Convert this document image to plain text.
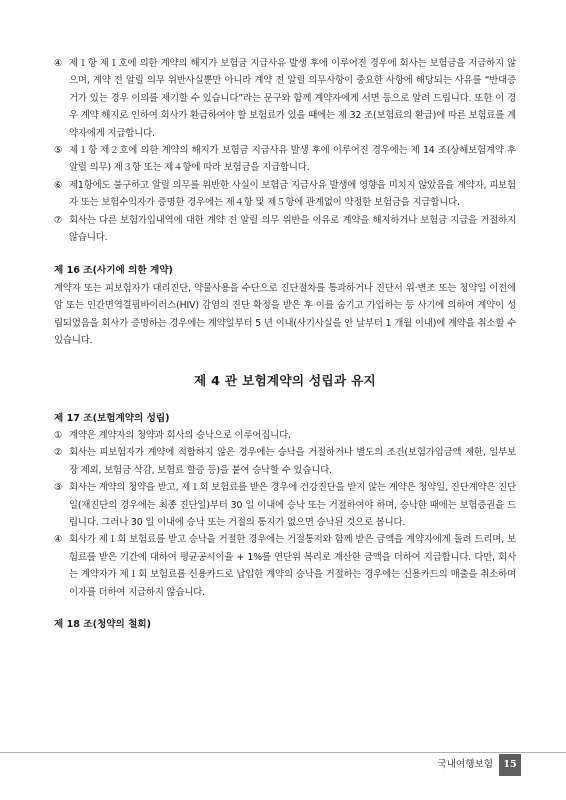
④ 제１항 제１호에 의한 계약의 해지가 보험금 지급사유 발생 후에 이루어진 경우에 회사는 보험금을 지급하지 않으며, 계약 전 알릴 의무 위반사실뿐만 아니라 계약 전 알릴 의무사항이 중요한 사항에 해당되는 사유를 “반대증거가 있는 경우 이의를 제기할 수 있습니다”라는 문구와 함께 계약자에게 서면 등으로 알려 드립니다. 또한 이 경우 계약 해지로 인하여 회사가 환급하여야 할 보험료가 있을 때에는 제 32 조(보험료의 환급)에 따른 보험료를 계약자에게 지급합니다.

⑤ 제１항 제２호에 의한 계약의 해지가 보험금 지급사유 발생 후에 이루어진 경우에는 제 14 조(상해보험계약 후 알릴 의무) 제３항 또는 제４항에 따라 보험금을 지급합니다.

⑥ 제1항에도 불구하고 알릴 의무를 위반한 사실이 보험금 지급사유 발생에 영향을 미치지 않았음을 계약자, 피보험자 또는 보험수익자가 증명한 경우에는 제４항 및 제５항에 관계없이 약정한 보험금을 지급합니다.

⑦ 회사는 다른 보험가입내역에 대한 계약 전 알릴 의무 위반을 이유로 계약을 해지하거나 보험금 지급을 거절하지 않습니다.

제 16 조(사기에 의한 계약)

계약자 또는 피보험자가 대리진단, 약물사용을 수단으로 진단절차를 통과하거나 진단서 위·변조 또는 청약일 이전에 암 또는 인간면역결핍바이러스(HIV) 감염의 진단 확정을 받은 후 이를 숨기고 가입하는 등 사기에 의하여 계약이 성립되었음을 회사가 증명하는 경우에는 계약일부터 5 년 이내(사기사실을 안 날부터 1 개월 이내)에 계약을 취소할 수 있습니다.

제 4 관 보험계약의 성립과 유지

제 17 조(보험계약의 성립)

① 계약은 계약자의 청약과 회사의 승낙으로 이루어집니다.

② 회사는 피보험자가 계약에 적합하지 않은 경우에는 승낙을 거절하거나 별도의 조건(보험가입금액 제한, 일부보장 제외, 보험금 삭감, 보험료 할증 등)을 붙여 승낙할 수 있습니다.

③ 회사는 계약의 청약을 받고, 제１회 보험료를 받은 경우에 건강진단을 받지 않는 계약은 청약일, 진단계약은 진단일(재진단의 경우에는 최종 진단일)부터 30 일 이내에 승낙 또는 거절하여야 하며, 승낙한 때에는 보험증권을 드립니다. 그러나 30 일 이내에 승낙 또는 거절의 통지가 없으면 승낙된 것으로 봅니다.

④ 회사가 제１회 보험료를 받고 승낙을 거절한 경우에는 거절통지와 함께 받은 금액을 계약자에게 돌려 드리며, 보험료를 받은 기간에 대하여 평균공시이율 + 1%를 연단위 복리로 계산한 금액을 더하여 지급합니다. 다만, 회사는 계약자가 제１회 보험료를 신용카드로 납입한 계약의 승낙을 거절하는 경우에는 신용카드의 매출을 취소하며 이자를 더하여 지급하지 않습니다.

제 18 조(청약의 철회)

국내여행보험	15
